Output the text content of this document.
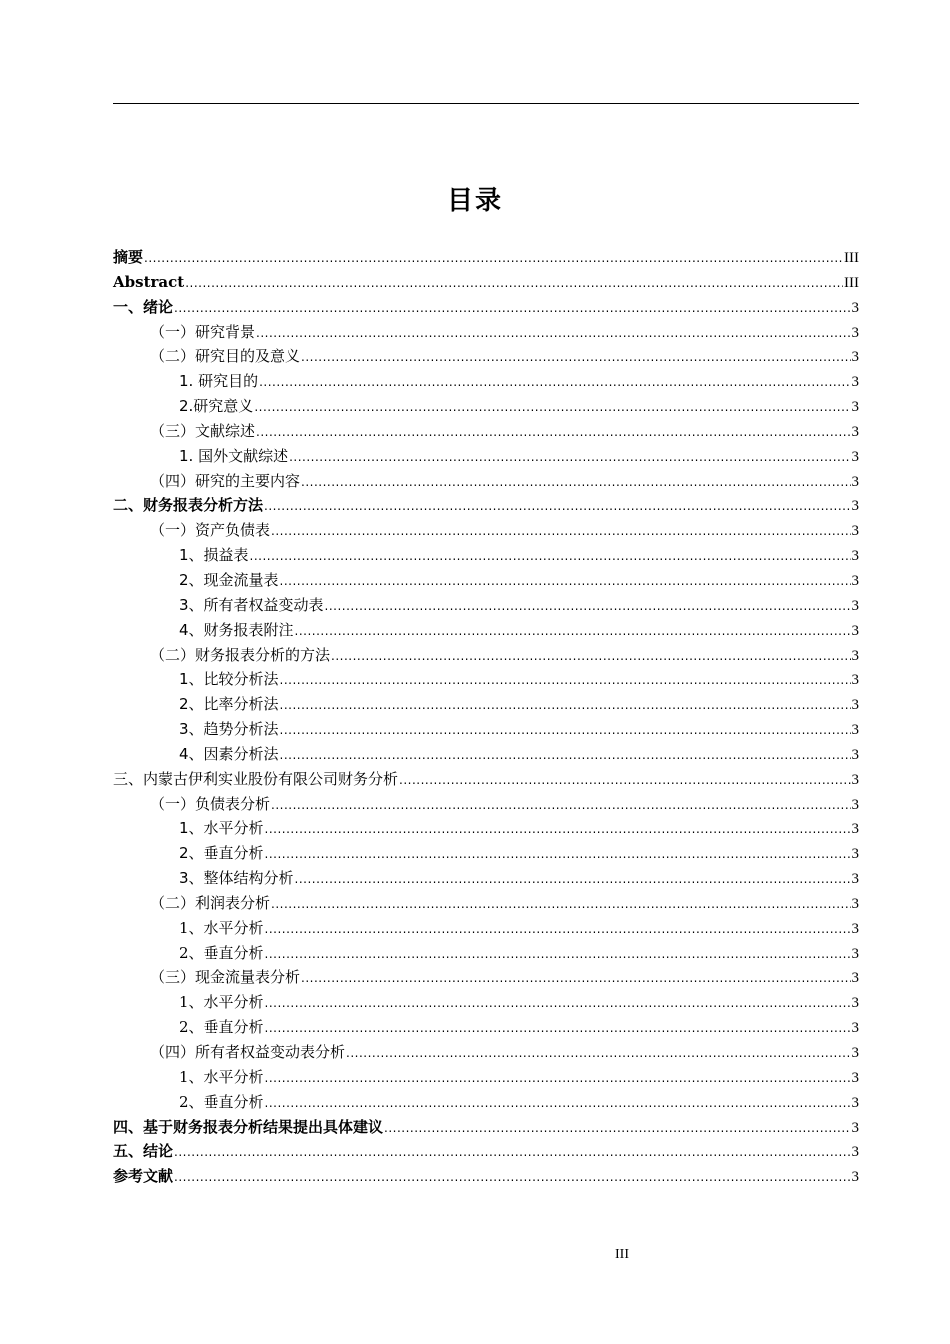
目录
摘要 .....	III
Abstract .....	III
一、绪论 .....	3
（一）研究背景 .....	3
（二）研究目的及意义 .....	3
1. 研究目的 .....	3
2.研究意义 .....	3
（三）文献综述 .....	3
1. 国外文献综述 .....	3
（四）研究的主要内容 .....	3
二、财务报表分析方法 .....	3
（一）资产负债表 .....	3
1、损益表 .....	3
2、现金流量表 .....	3
3、所有者权益变动表 .....	3
4、财务报表附注 .....	3
（二）财务报表分析的方法 .....	3
1、比较分析法 .....	3
2、比率分析法 .....	3
3、趋势分析法 .....	3
4、因素分析法 .....	3
三、内蒙古伊利实业股份有限公司财务分析 .....	3
（一）负债表分析 .....	3
1、水平分析 .....	3
2、垂直分析 .....	3
3、整体结构分析 .....	3
（二）利润表分析 .....	3
1、水平分析 .....	3
2、垂直分析 .....	3
（三）现金流量表分析 .....	3
1、水平分析 .....	3
2、垂直分析 .....	3
（四）所有者权益变动表分析 .....	3
1、水平分析 .....	3
2、垂直分析 .....	3
四、基于财务报表分析结果提出具体建议 .....	3
五、结论 .....	3
参考文献 .....	3
III
